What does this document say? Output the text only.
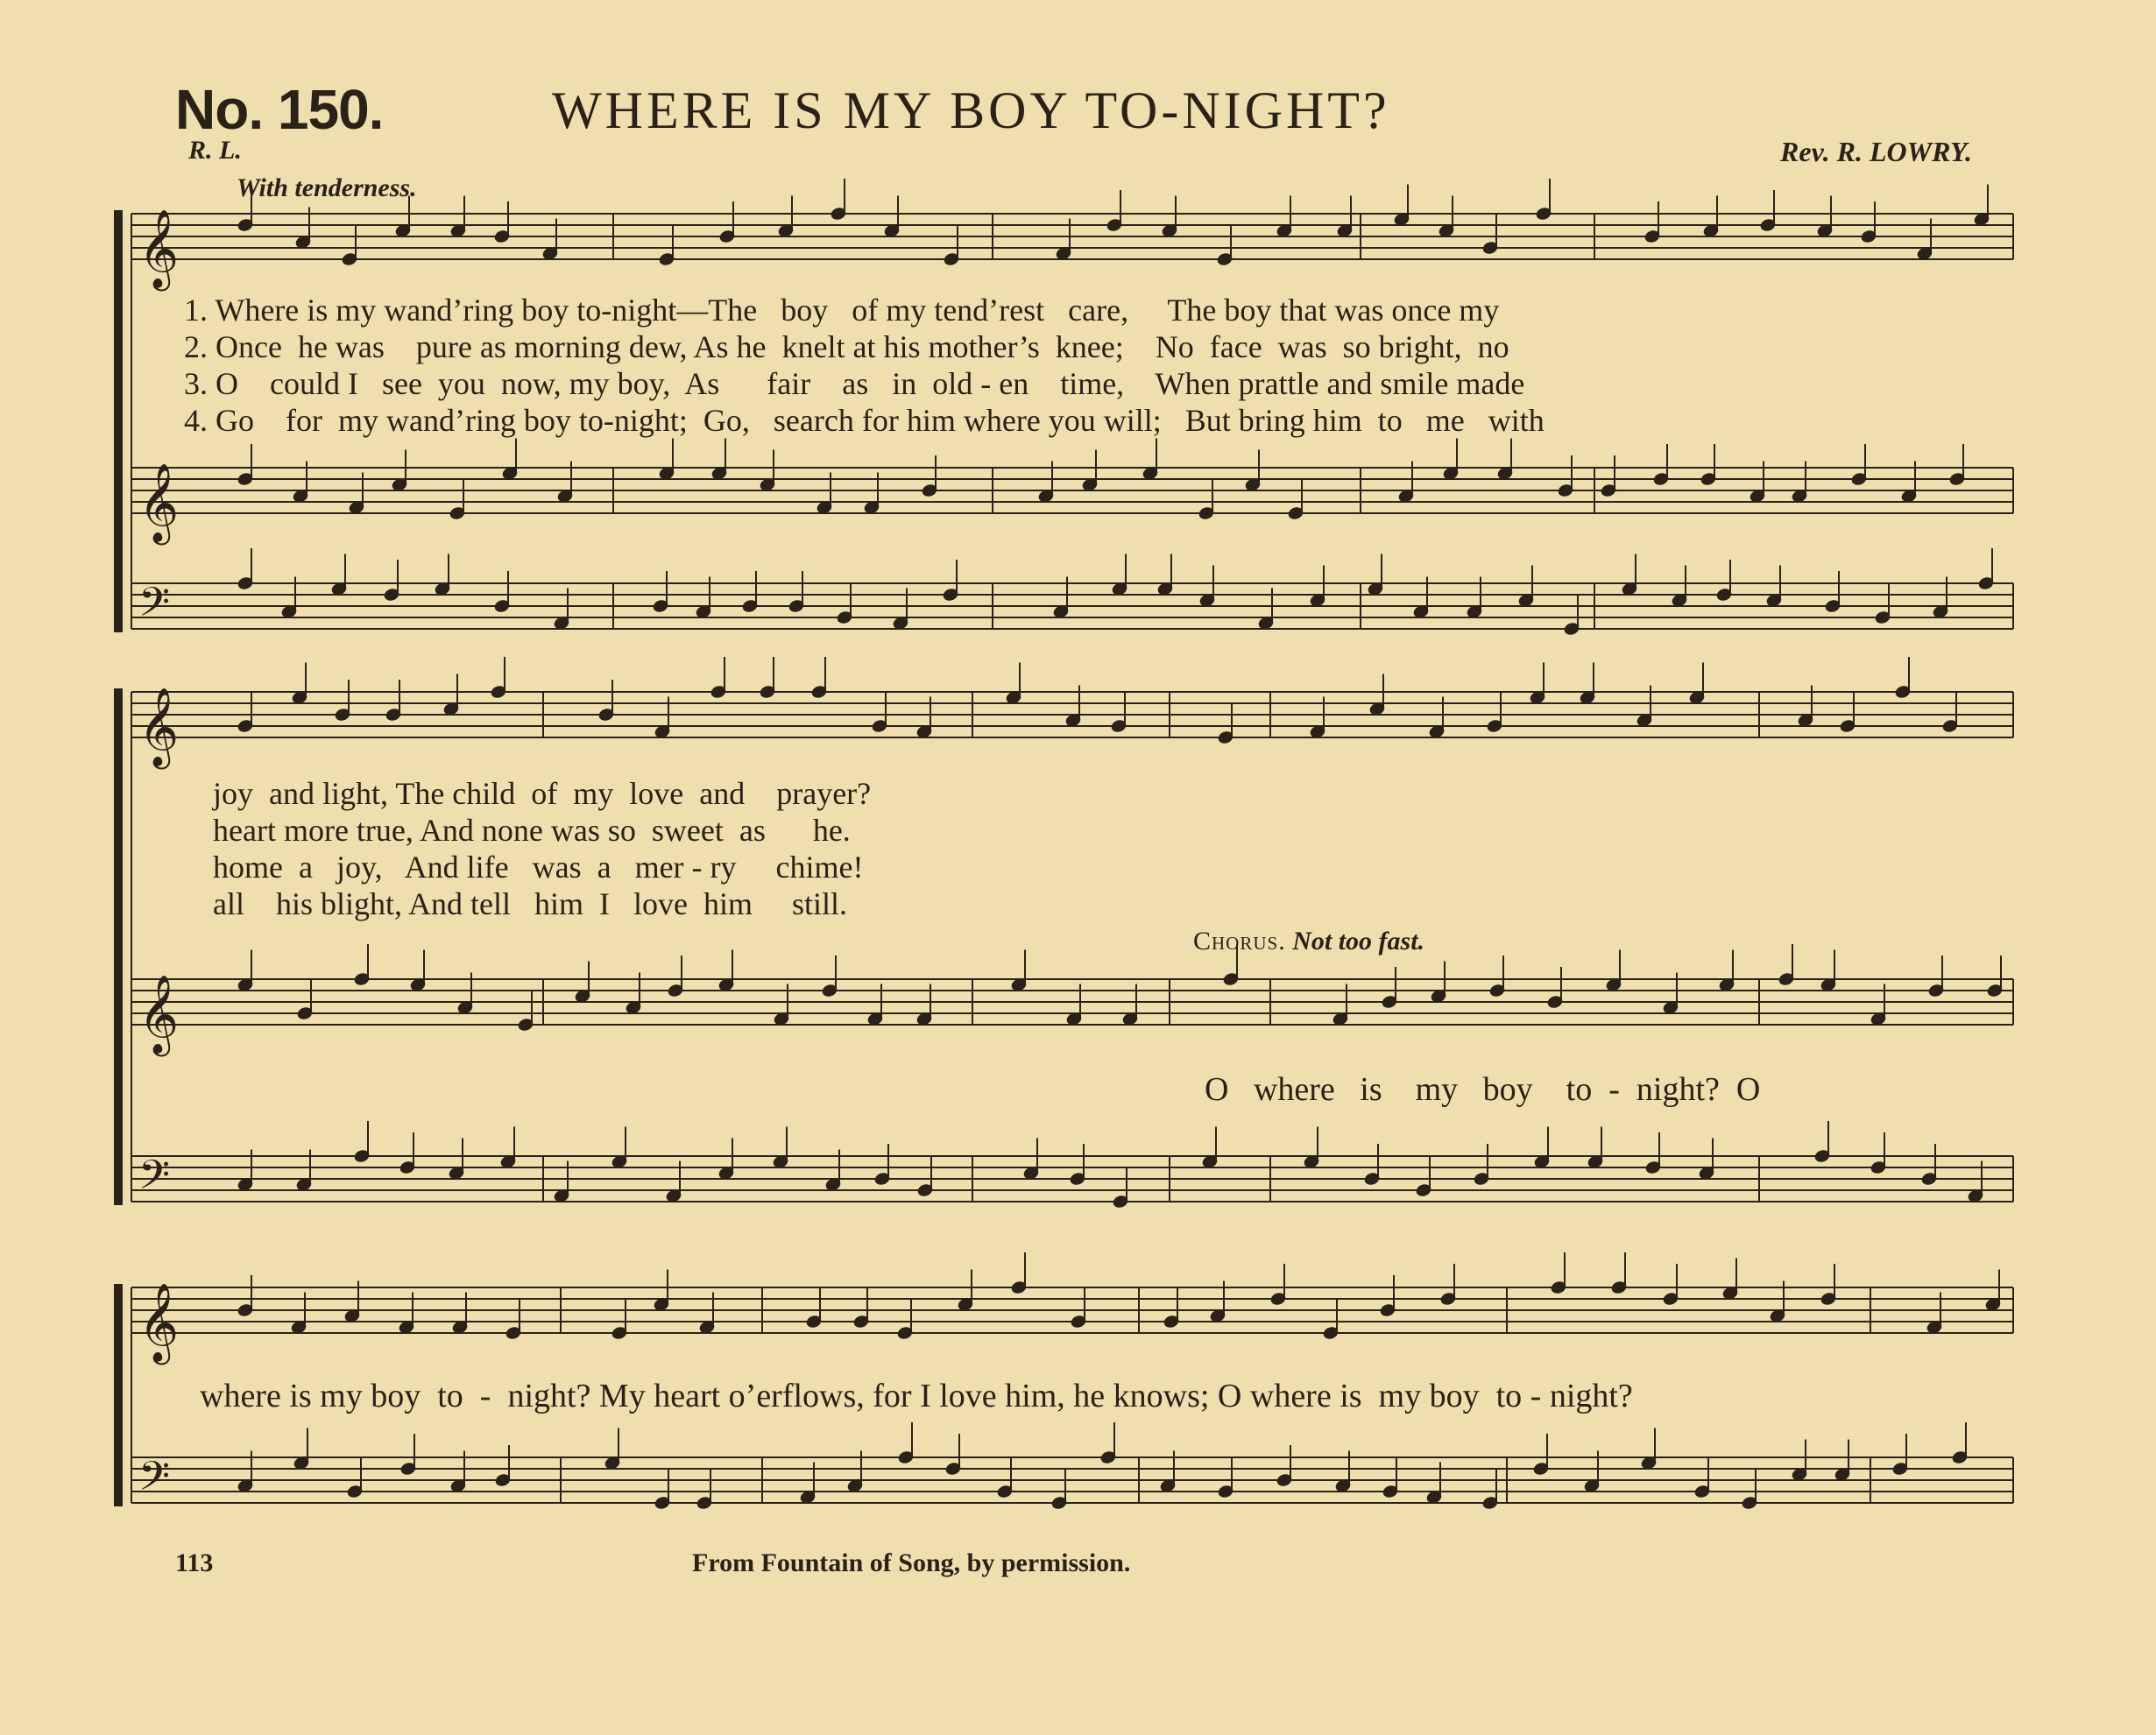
No. 150.	WHERE IS MY BOY TO-NIGHT?
R. L.	Rev. R. LOWRY.
With tenderness.
𝄞
𝄞
𝄢
𝄞
𝄞
𝄢
𝄞
𝄢
1. Where is my wand’ring boy to-night—The   boy   of my tend’rest   care,     The boy that was once my
2. Once  he was    pure as morning dew, As he  knelt at his mother’s  knee;    No  face  was  so bright,  no
3. O    could I   see  you  now, my boy,  As      fair    as   in  old - en    time,    When prattle and smile made
4. Go    for  my wand’ring boy to-night;  Go,   search for him where you will;   But bring him  to   me   with
joy  and light, The child  of  my  love  and    prayer?
heart more true, And none was so  sweet  as      he.
home  a   joy,   And life   was  a   mer - ry     chime!
all    his blight, And tell   him  I   love  him     still.
Chorus. Not too fast.
O   where   is    my   boy    to  -  night?  O
where is my boy  to  -  night? My heart o’erflows, for I love him, he knows; O where is  my boy  to - night?
113	From Fountain of Song, by permission.
